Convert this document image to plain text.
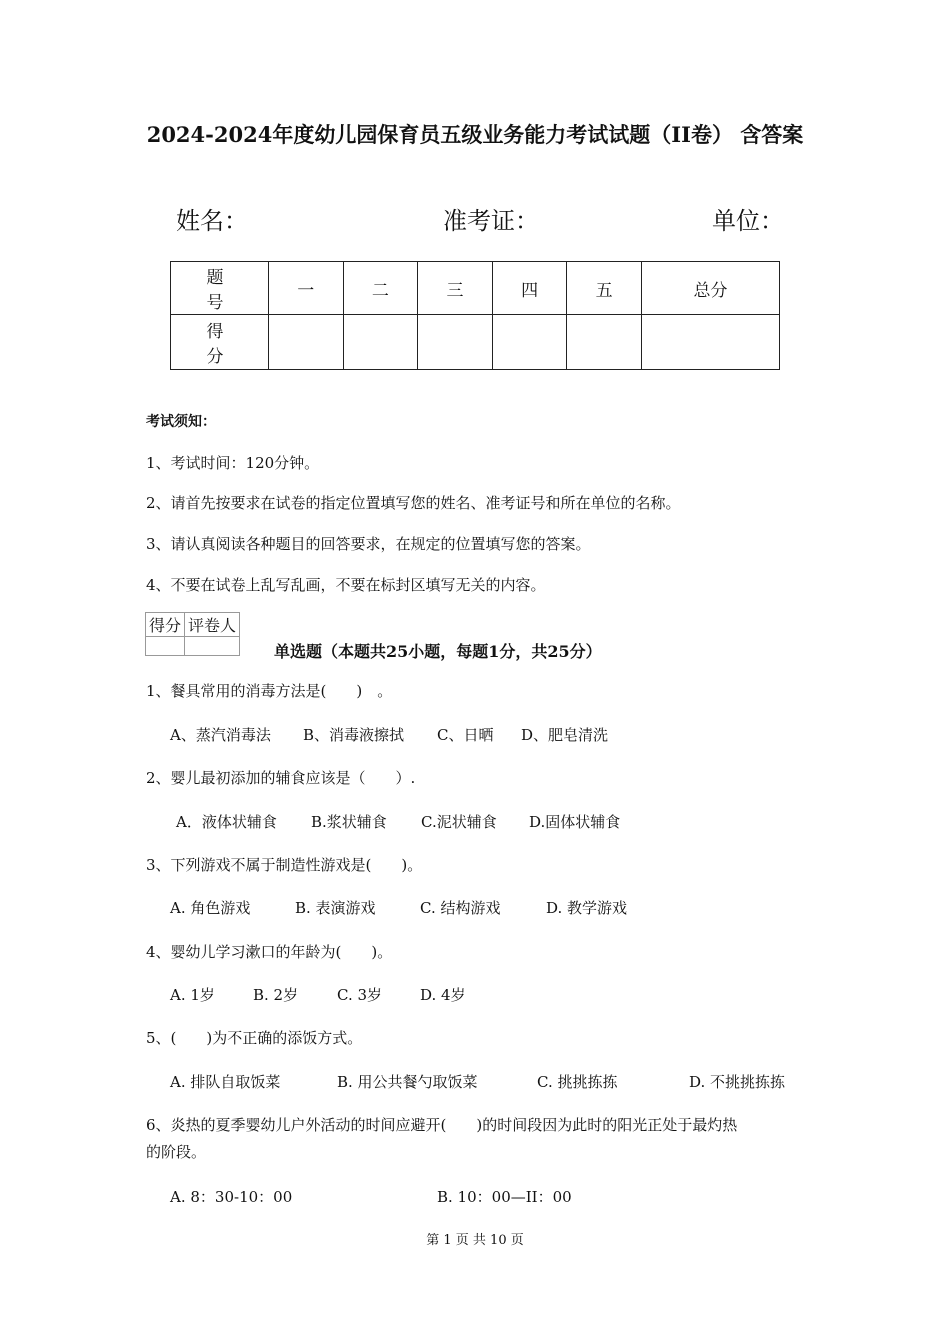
2024-2024年度幼儿园保育员五级业务能力考试试题（II卷） 含答案
姓名：	准考证：	单位：
题 号	一	二	三	四	五	总分
得 分						
考试须知：
1、考试时间：120分钟。
2、请首先按要求在试卷的指定位置填写您的姓名、准考证号和所在单位的名称。
3、请认真阅读各种题目的回答要求，在规定的位置填写您的答案。
4、不要在试卷上乱写乱画，不要在标封区填写无关的内容。
得分	评卷人

单选题（本题共25小题，每题1分，共25分）
1、餐具常用的消毒方法是(　　)　。
A、蒸汽消毒法 B、消毒液擦拭 C、日晒 D、肥皂清洗
2、婴儿最初添加的辅食应该是（　　）.
A．液体状辅食 B.浆状辅食 C.泥状辅食 D.固体状辅食
3、下列游戏不属于制造性游戏是(　　)。
A. 角色游戏	B. 表演游戏	C. 结构游戏	D. 教学游戏
4、婴幼儿学习漱口的年龄为(　　)。
A. 1岁	B. 2岁	C. 3岁	D. 4岁
5、(　　)为不正确的添饭方式。
A. 排队自取饭菜	B. 用公共餐勺取饭菜	C. 挑挑拣拣	D. 不挑挑拣拣
6、炎热的夏季婴幼儿户外活动的时间应避开(　　)的时间段因为此时的阳光正处于最灼热
的阶段。
A. 8：30-10：00	B. 10：00—II：00
第 1 页 共 10 页
